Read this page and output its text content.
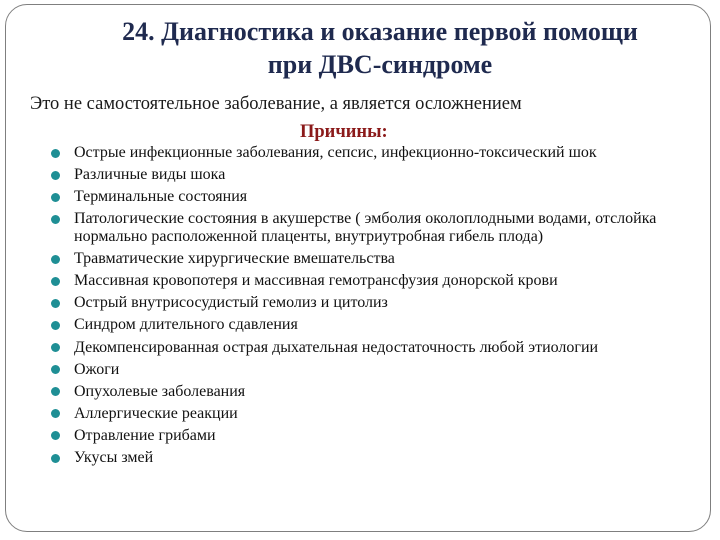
24. Диагностика и оказание первой помощи
при ДВС-синдроме

Это не самостоятельное заболевание, а является осложнением

Причины:

Острые инфекционные заболевания, сепсис, инфекционно-токсический шок
Различные виды шока
Терминальные состояния
Патологические состояния в акушерстве ( эмболия околоплодными водами, отслойка нормально расположенной плаценты, внутриутробная гибель плода)
Травматические хирургические вмешательства
Массивная кровопотеря и массивная гемотрансфузия донорской крови
Острый внутрисосудистый гемолиз и цитолиз
Синдром длительного сдавления
Декомпенсированная острая дыхательная недостаточность любой этиологии
Ожоги
Опухолевые заболевания
Аллергические реакции
Отравление грибами
Укусы змей
